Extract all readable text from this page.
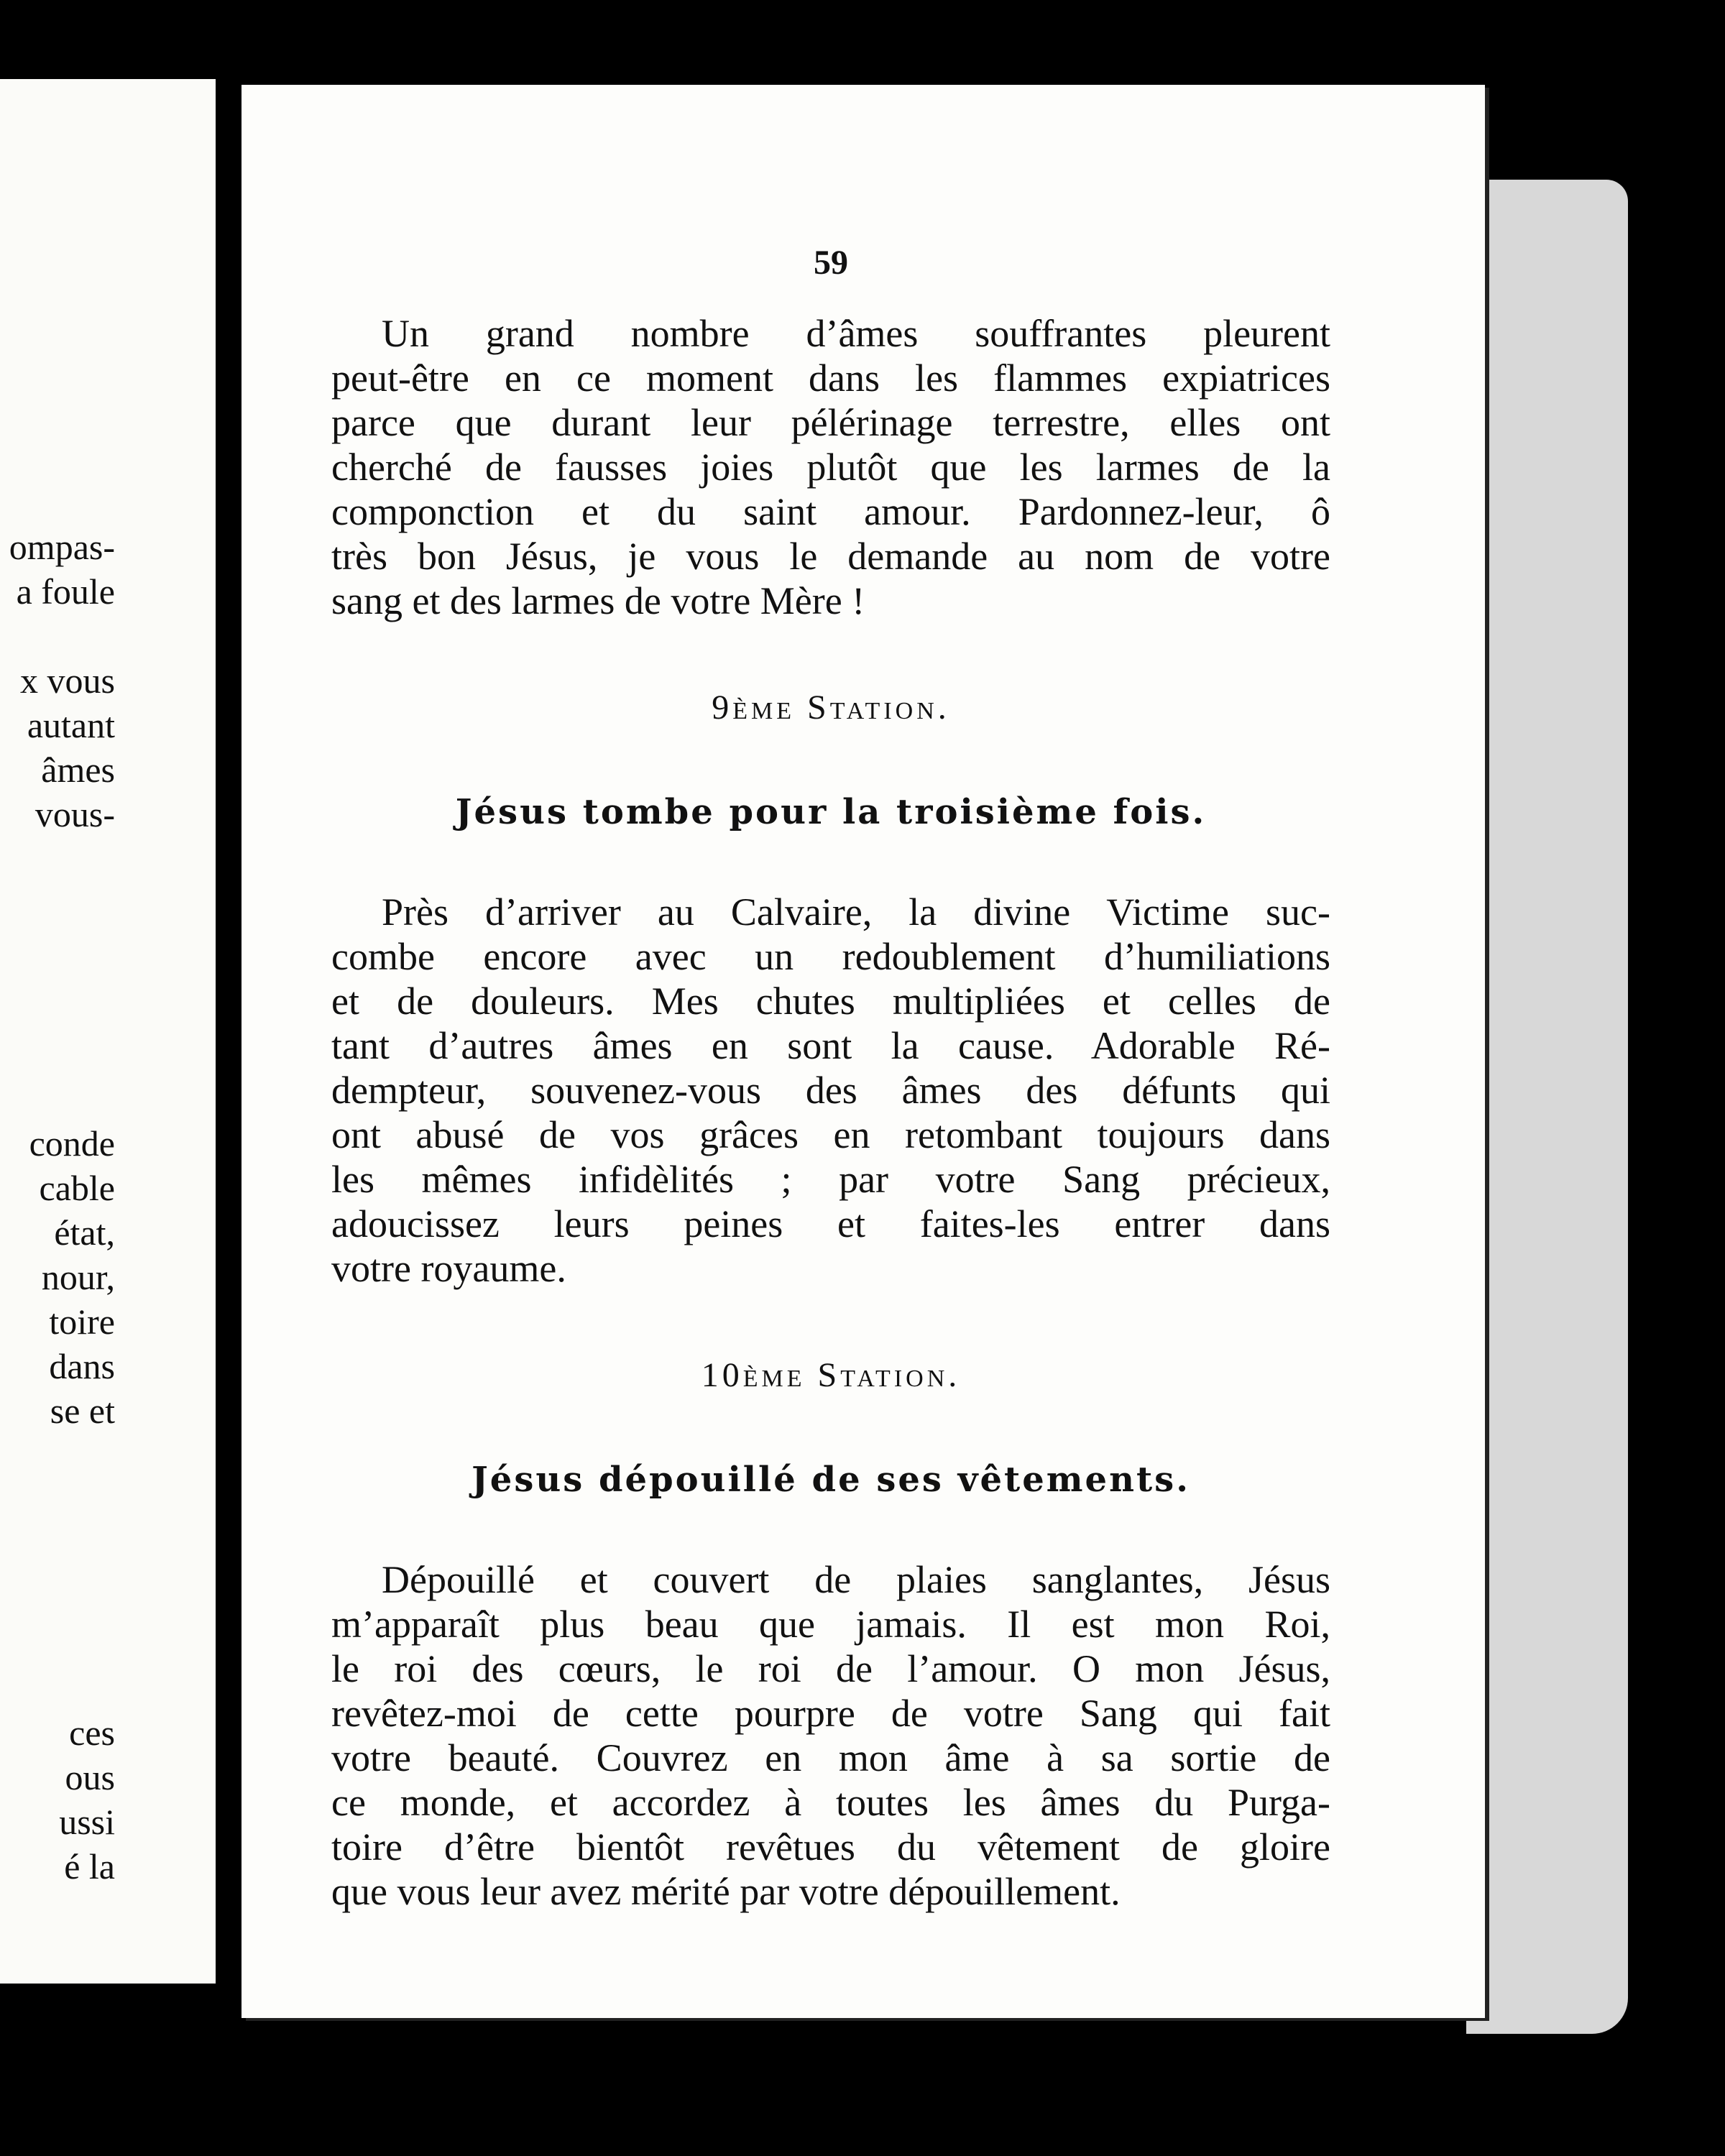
ompas-
a foule

x vous
autant
âmes
vous-
conde
cable
état,
nour,
toire
dans
se et
ces
ous
ussi
é la
59
Un grand nombre d’âmes souffrantes pleurent
peut-être en ce moment dans les flammes expiatrices
parce que durant leur pélérinage terrestre, elles ont
cherché de fausses joies plutôt que les larmes de la
componction et du saint amour. Pardonnez-leur, ô
très bon Jésus, je vous le demande au nom de votre
sang et des larmes de votre Mère !
9ème Station.
Jésus tombe pour la troisième fois.
Près d’arriver au Calvaire, la divine Victime suc-
combe encore avec un redoublement d’humiliations
et de douleurs. Mes chutes multipliées et celles de
tant d’autres âmes en sont la cause. Adorable Ré-
dempteur, souvenez-vous des âmes des défunts qui
ont abusé de vos grâces en retombant toujours dans
les mêmes infidèlités ; par votre Sang précieux,
adoucissez leurs peines et faites-les entrer dans
votre royaume.
10ème Station.
Jésus dépouillé de ses vêtements.
Dépouillé et couvert de plaies sanglantes, Jésus
m’apparaît plus beau que jamais. Il est mon Roi,
le roi des cœurs, le roi de l’amour. O mon Jésus,
revêtez-moi de cette pourpre de votre Sang qui fait
votre beauté. Couvrez en mon âme à sa sortie de
ce monde, et accordez à toutes les âmes du Purga-
toire d’être bientôt revêtues du vêtement de gloire
que vous leur avez mérité par votre dépouillement.
